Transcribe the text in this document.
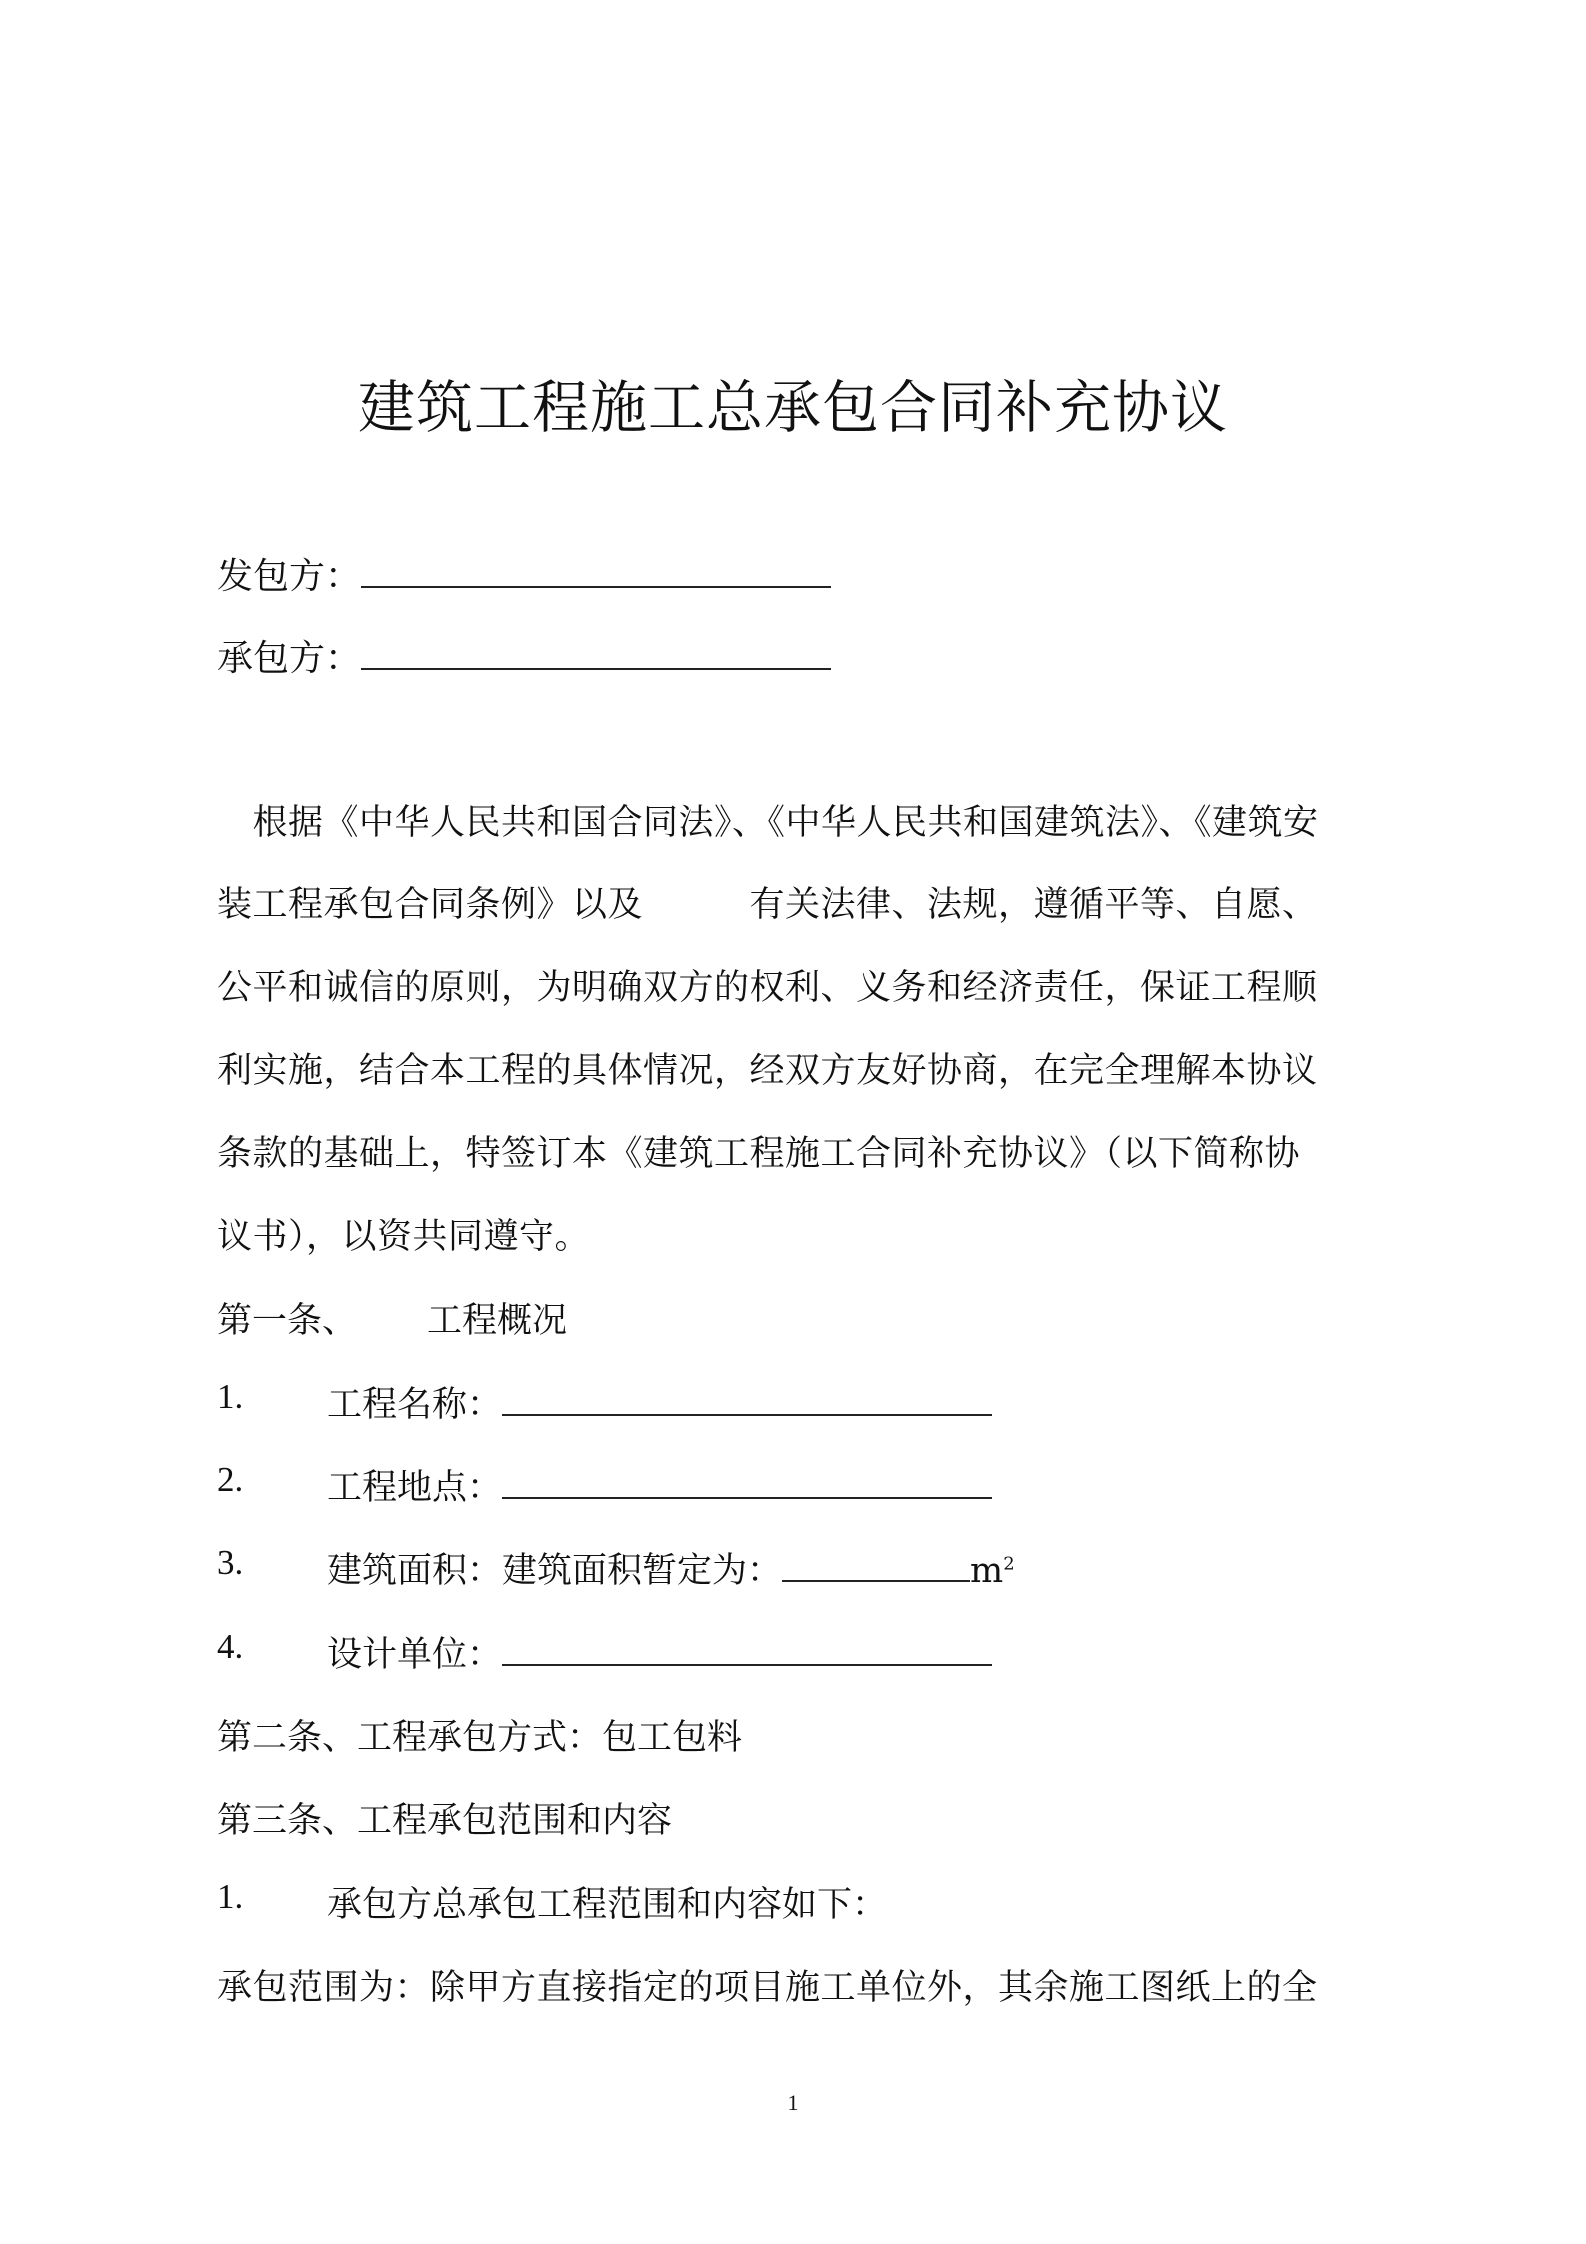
建筑工程施工总承包合同补充协议
发包方：
承包方：
　根据《中华人民共和国合同法》、《中华人民共和国建筑法》、《建筑安
装工程承包合同条例》以及　　　有关法律、法规，遵循平等、自愿、
公平和诚信的原则，为明确双方的权利、义务和经济责任，保证工程顺
利实施，结合本工程的具体情况，经双方友好协商，在完全理解本协议
条款的基础上，特签订本《建筑工程施工合同补充协议》（以下简称协
议书），以资共同遵守。
第一条、 工程概况
1. 工程名称：
2. 工程地点：
3. 建筑面积：建筑面积暂定为：	$m^2$
4. 设计单位：
第二条、工程承包方式：包工包料
第三条、工程承包范围和内容
1. 承包方总承包工程范围和内容如下：
承包范围为：除甲方直接指定的项目施工单位外，其余施工图纸上的全
1
